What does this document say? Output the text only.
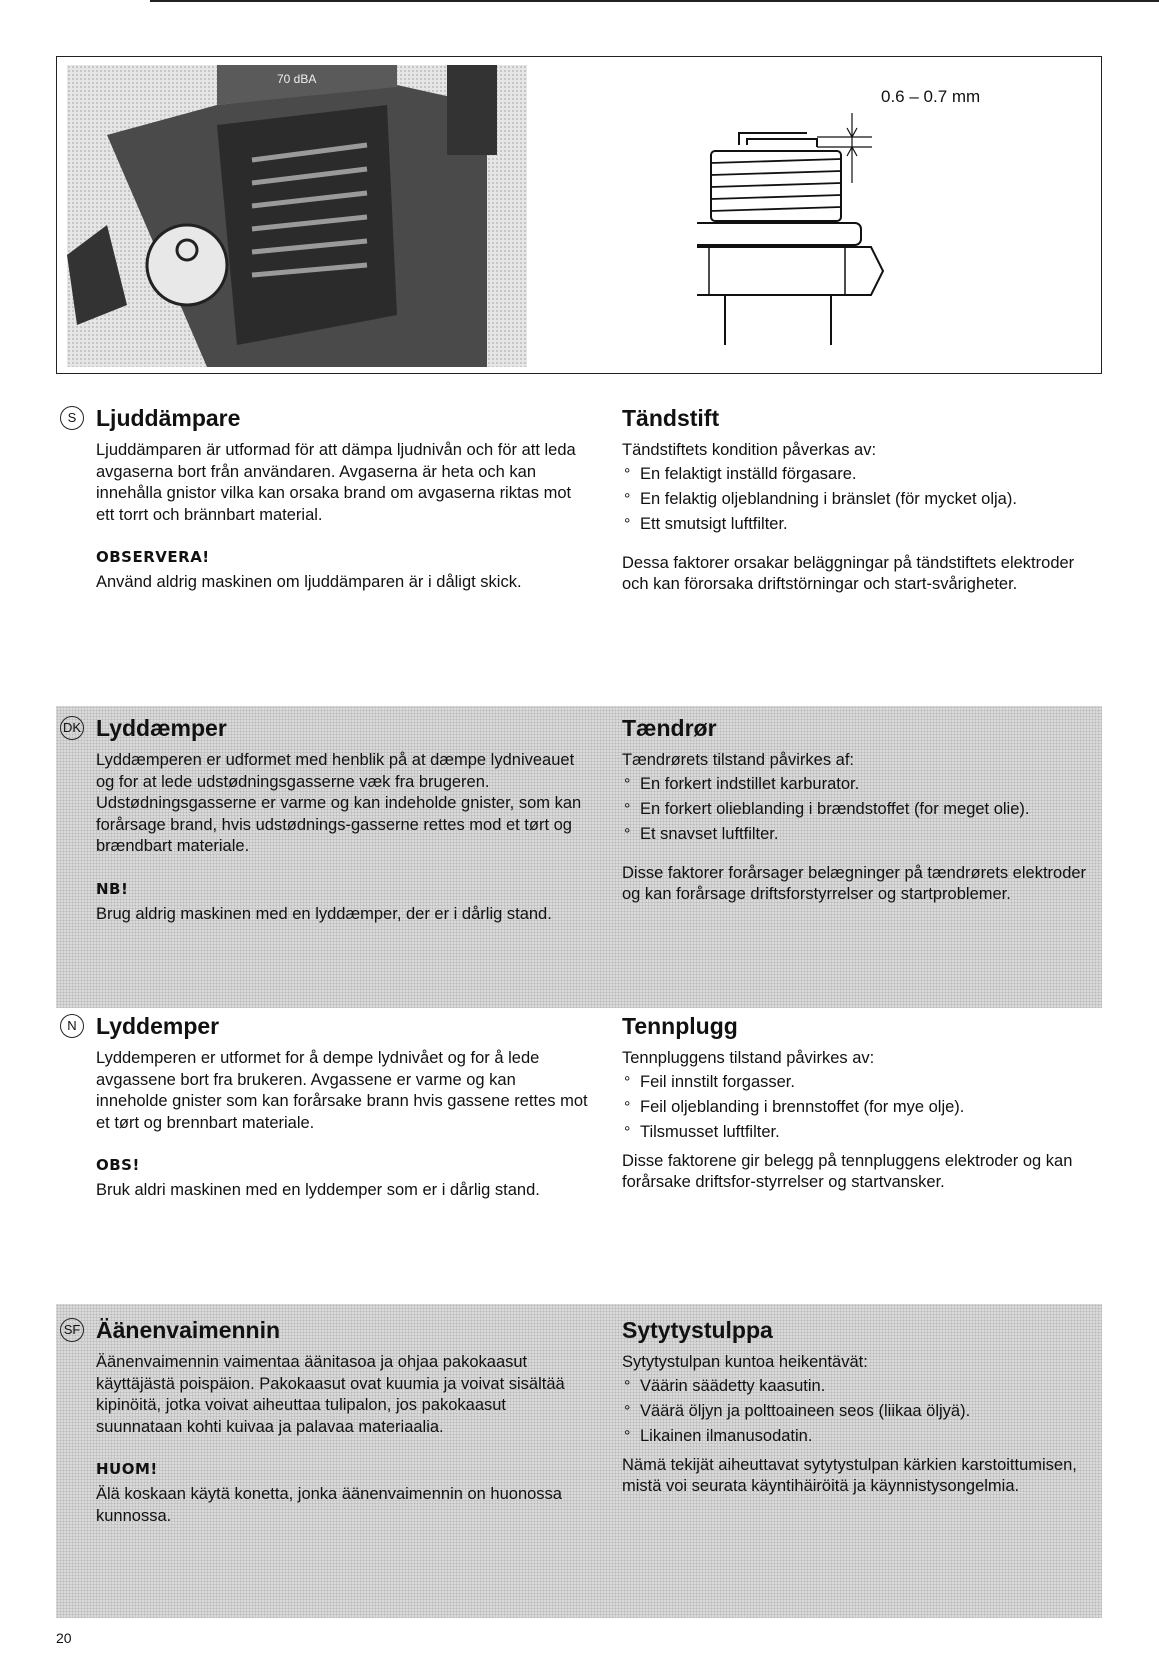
70 dBA
0.6 – 0.7 mm
S Ljuddämpare

Ljuddämparen är utformad för att dämpa ljudnivån och för att leda avgaserna bort från användaren. Avgaserna är heta och kan innehålla gnistor vilka kan orsaka brand om avgaserna riktas mot ett torrt och brännbart material.

OBSERVERA!

Använd aldrig maskinen om ljuddämparen är i dåligt skick.

Tändstift

Tändstiftets kondition påverkas av:

° En felaktigt inställd förgasare.
° En felaktig oljeblandning i bränslet (för mycket olja).
° Ett smutsigt luftfilter.

Dessa faktorer orsakar beläggningar på tändstiftets elektroder och kan förorsaka driftstörningar och start-svårigheter.

DK Lyddæmper

Lyddæmperen er udformet med henblik på at dæmpe lydniveauet og for at lede udstødningsgasserne væk fra brugeren.

Udstødningsgasserne er varme og kan indeholde gnister, som kan forårsage brand, hvis udstødnings-gasserne rettes mod et tørt og brændbart materiale.

NB!

Brug aldrig maskinen med en lyddæmper, der er i dårlig stand.

Tændrør

Tændrørets tilstand påvirkes af:

° En forkert indstillet karburator.
° En forkert olieblanding i brændstoffet (for meget olie).
° Et snavset luftfilter.

Disse faktorer forårsager belægninger på tændrørets elektroder og kan forårsage driftsforstyrrelser og startproblemer.

N Lyddemper

Lyddemperen er utformet for å dempe lydnivået og for å lede avgassene bort fra brukeren. Avgassene er varme og kan inneholde gnister som kan forårsake brann hvis gassene rettes mot et tørt og brennbart materiale.

OBS!

Bruk aldri maskinen med en lyddemper som er i dårlig stand.

Tennplugg

Tennpluggens tilstand påvirkes av:

° Feil innstilt forgasser.
° Feil oljeblanding i brennstoffet (for mye olje).
° Tilsmusset luftfilter.

Disse faktorene gir belegg på tennpluggens elektroder og kan forårsake driftsfor-styrrelser og startvansker.

SF Äänenvaimennin

Äänenvaimennin vaimentaa äänitasoa ja ohjaa pakokaasut käyttäjästä poispäion. Pakokaasut ovat kuumia ja voivat sisältää kipinöitä, jotka voivat aiheuttaa tulipalon, jos pakokaasut suunnataan kohti kuivaa ja palavaa materiaalia.

HUOM!

Älä koskaan käytä konetta, jonka äänenvaimennin on huonossa kunnossa.

Sytytystulppa

Sytytystulpan kuntoa heikentävät:

° Väärin säädetty kaasutin.
° Väärä öljyn ja polttoaineen seos (liikaa öljyä).
° Likainen ilmanusodatin.

Nämä tekijät aiheuttavat sytytystulpan kärkien karstoittumisen, mistä voi seurata käyntihäiröitä ja käynnistysongelmia.

20
